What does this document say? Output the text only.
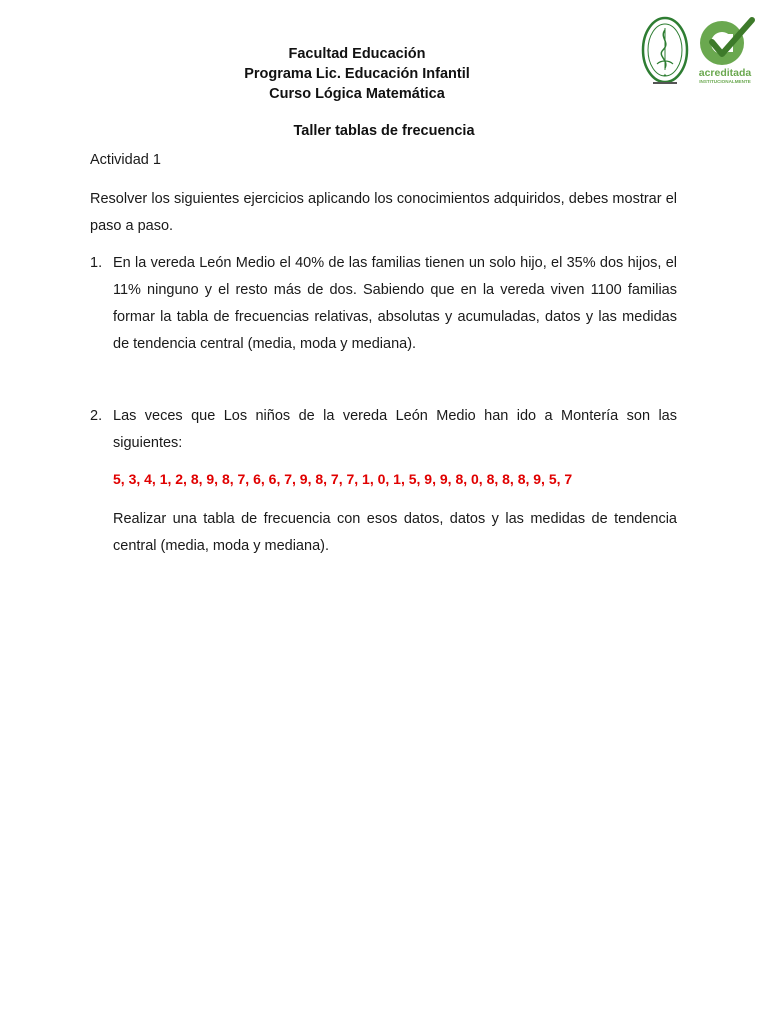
Facultad Educación
Programa Lic. Educación Infantil
Curso Lógica Matemática
✦	acreditada
INSTITUCIONALMENTE
Taller tablas de frecuencia
Actividad 1
Resolver los siguientes ejercicios aplicando los conocimientos adquiridos, debes mostrar el paso a paso.
1. En la vereda León Medio el 40% de las familias tienen un solo hijo, el 35% dos hijos, el 11% ninguno y el resto más de dos. Sabiendo que en la vereda viven 1100 familias formar la tabla de frecuencias relativas, absolutas y acumuladas, datos y las medidas de tendencia central (media, moda y mediana).
2. Las veces que Los niños de la vereda León Medio han ido a Montería son las siguientes:
5, 3, 4, 1, 2, 8, 9, 8, 7, 6, 6, 7, 9, 8, 7, 7, 1, 0, 1, 5, 9, 9, 8, 0, 8, 8, 8, 9, 5, 7
Realizar una tabla de frecuencia con esos datos, datos y las medidas de tendencia central (media, moda y mediana).
